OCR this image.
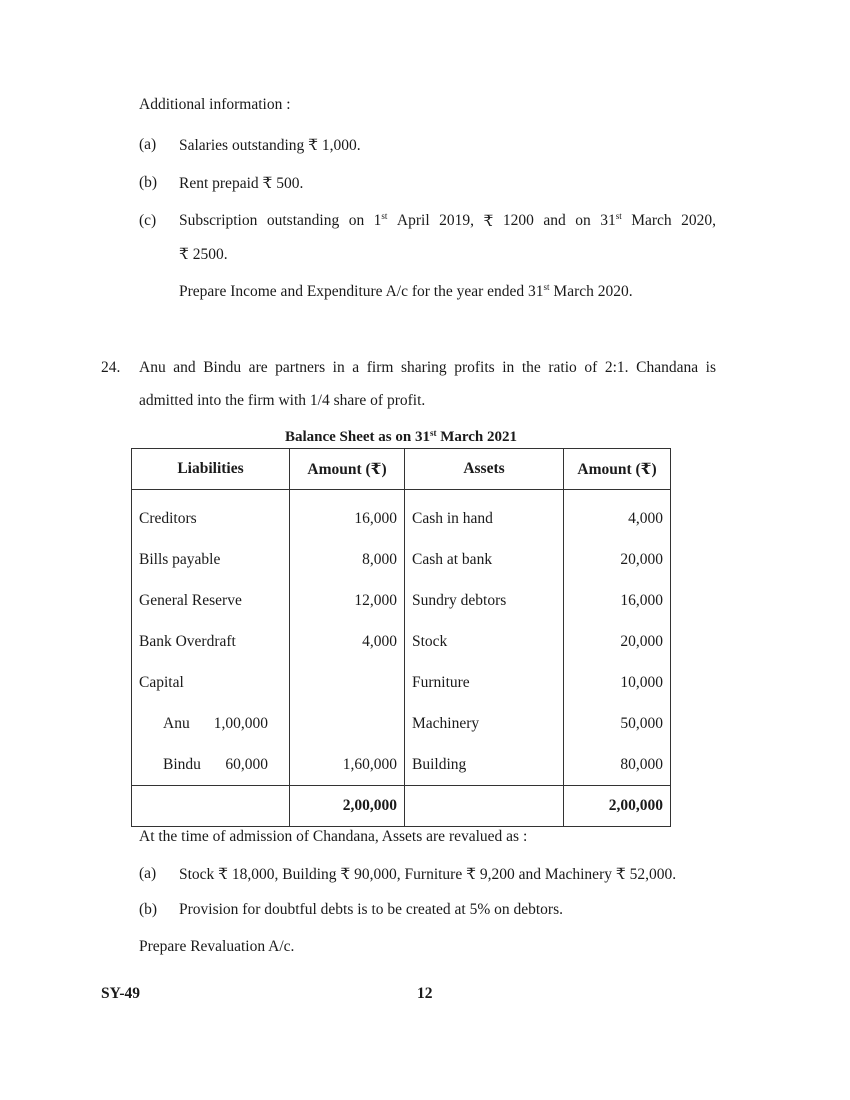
Additional information :
(a) Salaries outstanding ₹ 1,000.
(b) Rent prepaid ₹ 500.
(c) Subscription outstanding on 1st April 2019, ₹ 1200 and on 31st March 2020,
₹ 2500.
Prepare Income and Expenditure A/c for the year ended 31st March 2020.
24. Anu and Bindu are partners in a firm sharing profits in the ratio of 2:1. Chandana is
admitted into the firm with 1/4 share of profit.
Balance Sheet as on 31st March 2021
Liabilities	Amount (₹)	Assets	Amount (₹)
Creditors	16,000	Cash in hand	4,000
Bills payable	8,000	Cash at bank	20,000
General Reserve	12,000	Sundry debtors	16,000
Bank Overdraft	4,000	Stock	20,000
Capital		Furniture	10,000
Anu 1,00,000		Machinery	50,000
Bindu 60,000	1,60,000	Building	80,000
	2,00,000		2,00,000
At the time of admission of Chandana, Assets are revalued as :
(a) Stock ₹ 18,000, Building ₹ 90,000, Furniture ₹ 9,200 and Machinery ₹ 52,000.
(b) Provision for doubtful debts is to be created at 5% on debtors.
Prepare Revaluation A/c.
SY-49	12
